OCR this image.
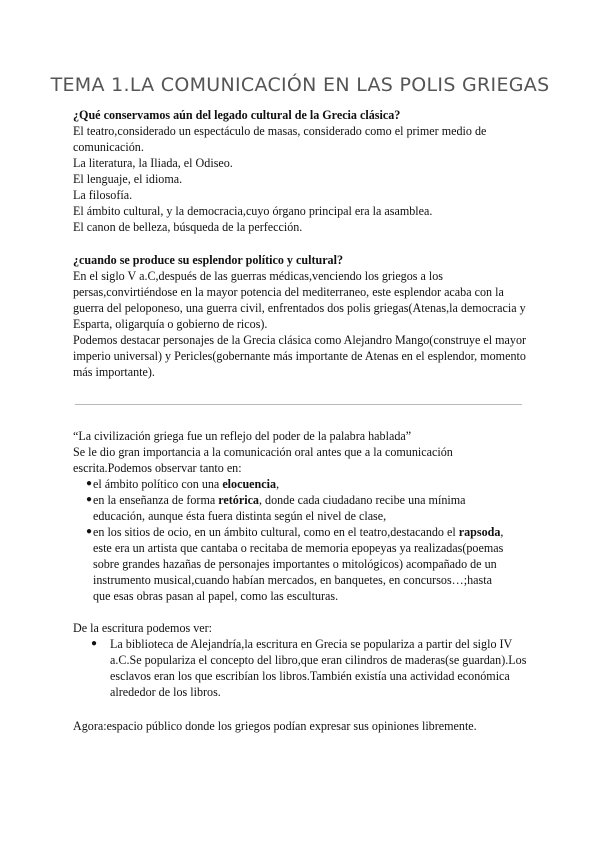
TEMA 1.LA COMUNICACIÓN EN LAS POLIS GRIEGAS

¿Qué conservamos aún del legado cultural de la Grecia clásica?

El teatro,considerado un espectáculo de masas, considerado como el primer medio de

comunicación.

La literatura, la Iliada, el Odiseo.

El lenguaje, el idioma.

La filosofía.

El ámbito cultural, y la democracia,cuyo órgano principal era la asamblea.

El canon de belleza, búsqueda de la perfección.

¿cuando se produce su esplendor político y cultural?

En el siglo V a.C,después de las guerras médicas,venciendo los griegos a los

persas,convirtiéndose en la mayor potencia del mediterraneo, este esplendor acaba con la

guerra del peloponeso, una guerra civil, enfrentados dos polis griegas(Atenas,la democracia y

Esparta, oligarquía o gobierno de ricos).

Podemos destacar personajes de la Grecia clásica como Alejandro Mango(construye el mayor

imperio universal) y Pericles(gobernante más importante de Atenas en el esplendor, momento

más importante).

“La civilización griega fue un reflejo del poder de la palabra hablada”

Se le dio gran importancia a la comunicación oral antes que a la comunicación

escrita.Podemos observar tanto en:

● el ámbito político con una elocuencia,

● en la enseñanza de forma retórica, donde cada ciudadano recibe una mínima

educación, aunque ésta fuera distinta según el nivel de clase,

● en los sitios de ocio, en un ámbito cultural, como en el teatro,destacando el rapsoda,

este era un artista que cantaba o recitaba de memoria epopeyas ya realizadas(poemas

sobre grandes hazañas de personajes importantes o mitológicos) acompañado de un

instrumento musical,cuando habían mercados, en banquetes, en concursos…;hasta

que esas obras pasan al papel, como las esculturas.

De la escritura podemos ver:

● La biblioteca de Alejandría,la escritura en Grecia se populariza a partir del siglo IV

a.C.Se populariza el concepto del libro,que eran cilindros de maderas(se guardan).Los

esclavos eran los que escribían los libros.También existía una actividad económica

alrededor de los libros.

Agora:espacio público donde los griegos podían expresar sus opiniones libremente.
